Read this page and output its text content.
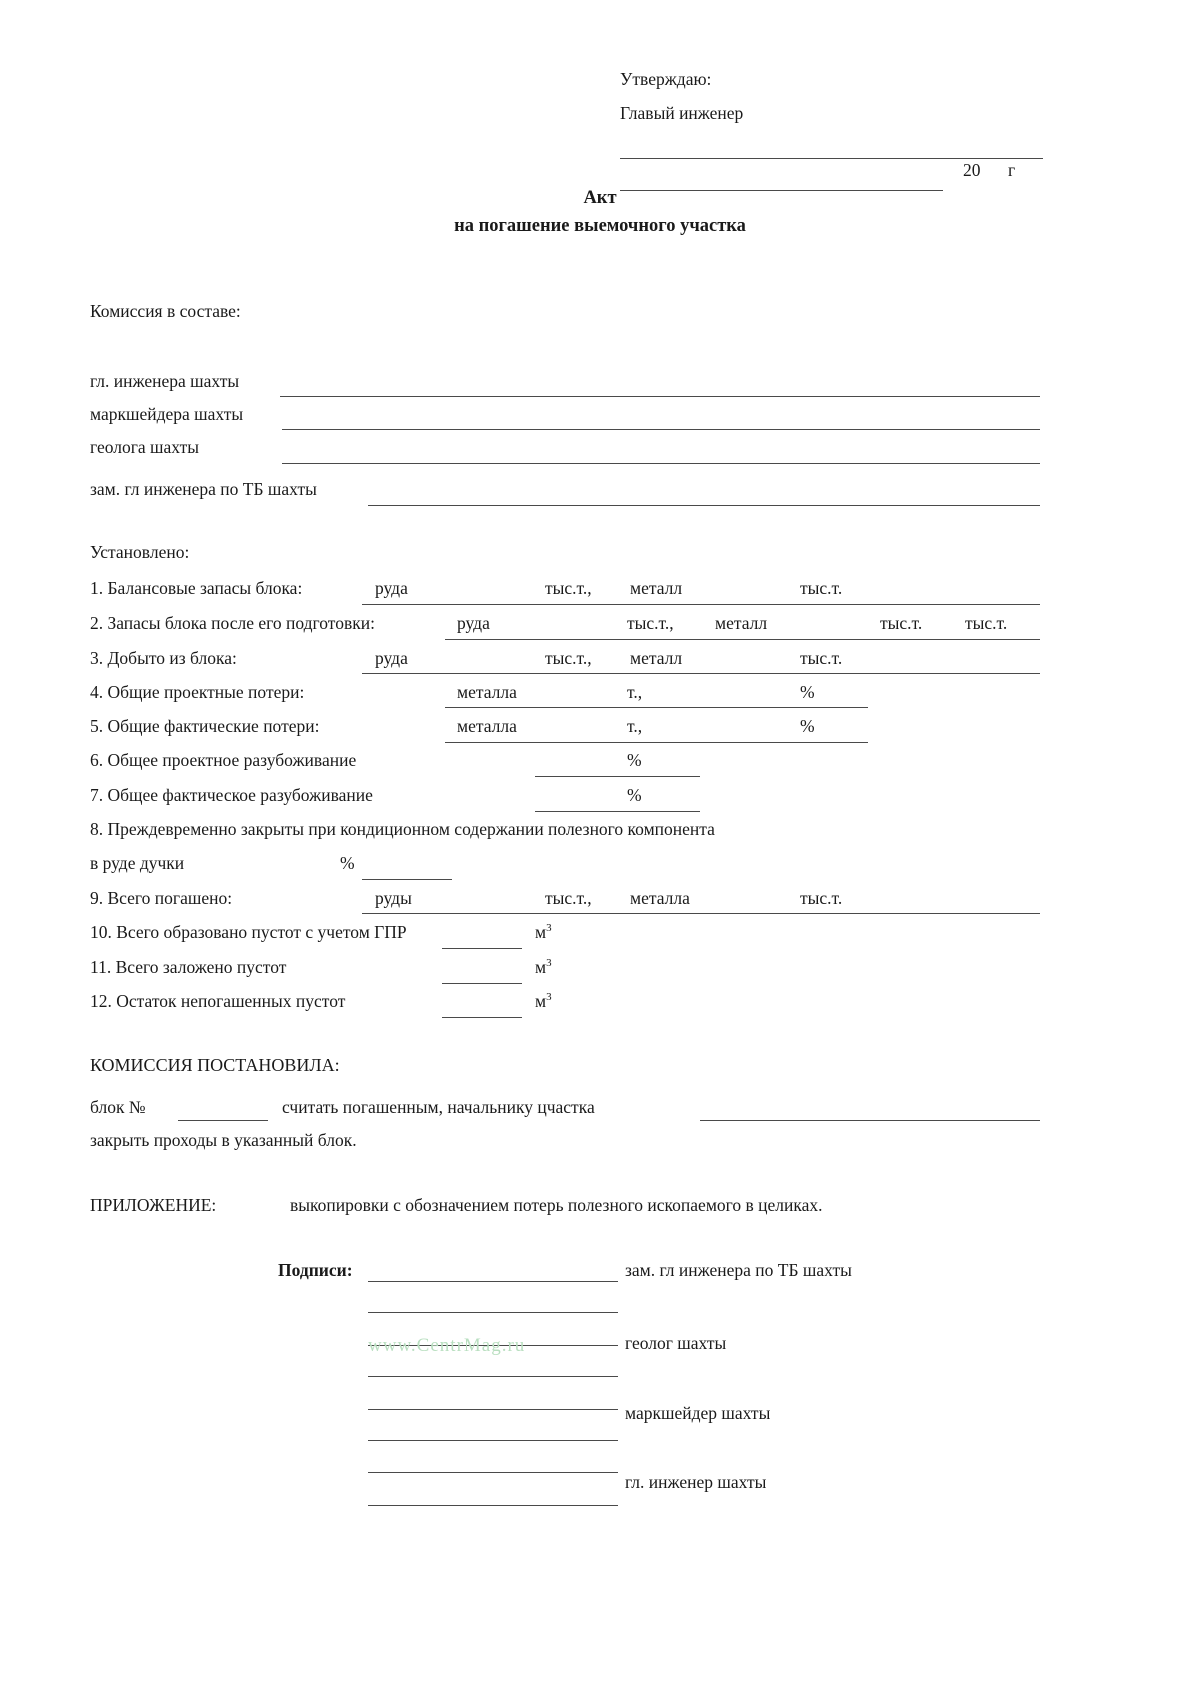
Утверждаю:
Главый инженер
20 г
Акт
на погашение выемочного участка
Комиссия в составе:
гл. инженера шахты
маркшейдера шахты
геолога шахты
зам. гл инженера по ТБ шахты
Установлено:
1. Балансовые запасы блока:	руда	тыс.т., металл	тыс.т.
2. Запасы блока после его подготовки:	руда	тыс.т., металл	тыс.т. тыс.т.
3. Добыто из блока:	руда	тыс.т., металл	тыс.т.
4. Общие проектные потери:	металла	т.,	%
5. Общие фактические потери:	металла	т.,	%
6. Общее проектное разубоживание	%
7. Общее фактическое разубоживание	%
8. Преждевременно закрыты при кондиционном содержании полезного компонента
в руде дучки	%
9. Всего погашено:	руды	тыс.т., металла	тыс.т.
10. Всего образовано пустот с учетом ГПР	$м^3$
11. Всего заложено пустот	$м^3$
12. Остаток непогашенных пустот	$м^3$
КОМИССИЯ ПОСТАНОВИЛА:
блок №	считать погашенным, начальнику цчастка
закрыть проходы в указанный блок.
ПРИЛОЖЕНИЕ:	выкопировки с обозначением потерь полезного ископаемого в целиках.
Подписи:	зам. гл инженера по ТБ шахты
геолог шахты
маркшейдер шахты
гл. инженер шахты
www.CentrMag.ru
